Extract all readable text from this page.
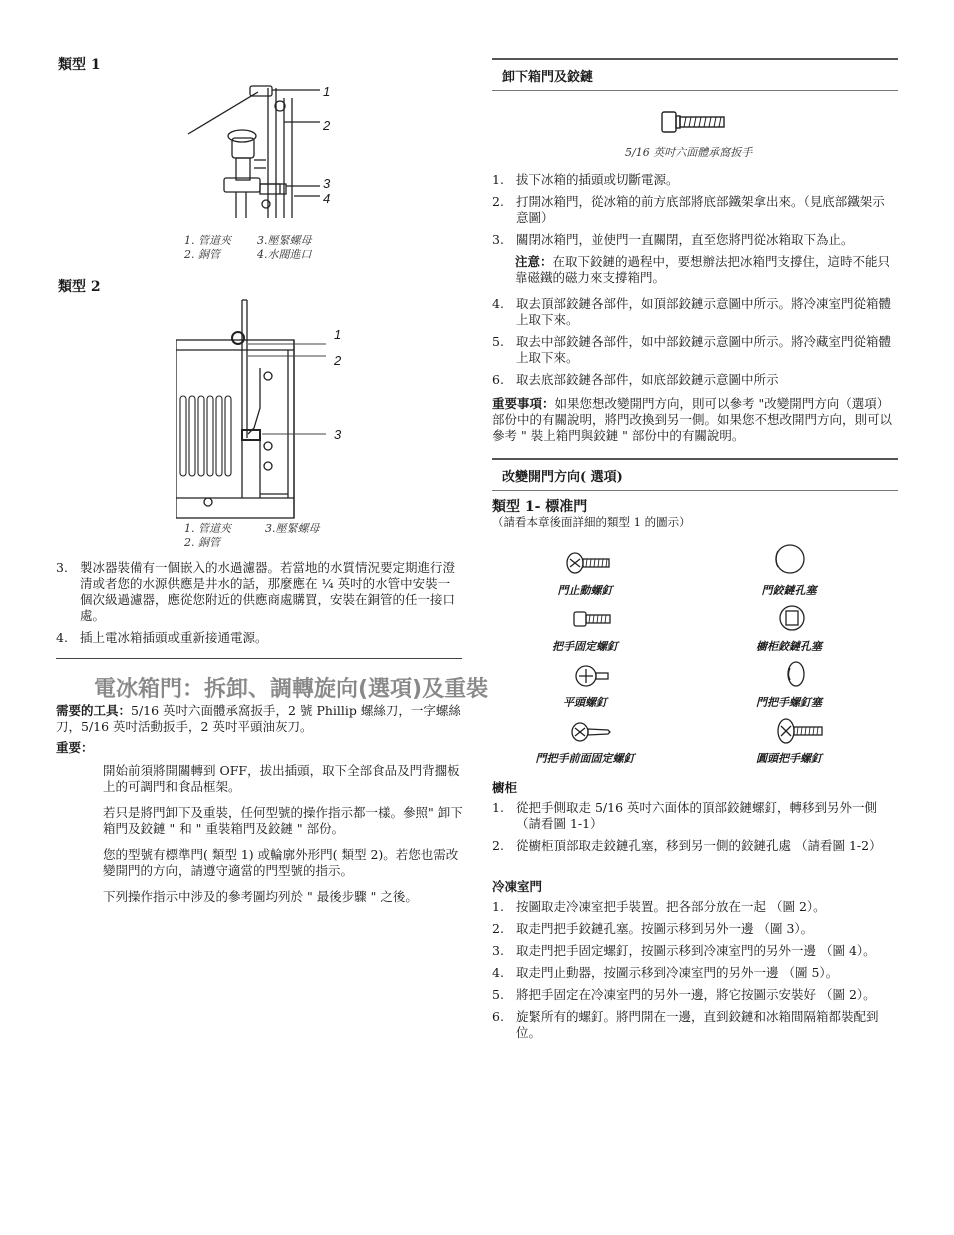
類型 1
1
2
3
4
1. 管道夾
2. 銅管
3.壓緊螺母
4.水閥進口
類型 2
1
2
3
1. 管道夾
2. 銅管
3.壓緊螺母
3. 製冰器裝備有一個嵌入的水過濾器。若當地的水質情況要定期進行澄清或者您的水源供應是井水的話，那麼應在 ¼ 英吋的水管中安裝一個次級過濾器，應從您附近的供應商處購買，安裝在銅管的任一接口處。
4. 插上電冰箱插頭或重新接通電源。
電冰箱門：拆卸、調轉旋向(選項)及重裝
需要的工具：5/16 英吋六面體承窩扳手，2 號 Phillip 螺絲刀，一字螺絲刀，5/16 英吋活動扳手，2 英吋平頭油灰刀。
重要：

開始前須將開關轉到 OFF，拔出插頭，取下全部食品及門背擱板上的可調門和食品框架。

若只是將門卸下及重裝，任何型號的操作指示都一樣。參照" 卸下箱門及鉸鏈 " 和 " 重裝箱門及鉸鏈 " 部份。

您的型號有標準門( 類型 1) 或輪廓外形門( 類型 2)。若您也需改變開門的方向，請遵守適當的門型號的指示。

下列操作指示中涉及的參考圖均列於 " 最後步驟 " 之後。

卸下箱門及鉸鏈
5/16 英吋六面體承窩扳手
1. 拔下冰箱的插頭或切斷電源。
2. 打開冰箱門，從冰箱的前方底部將底部鐵架拿出來。（見底部鐵架示意圖）
3. 關閉冰箱門，並使門一直關閉，直至您將門從冰箱取下為止。
注意：在取下鉸鏈的過程中，要想辦法把冰箱門支撐住，這時不能只靠磁鐵的磁力來支撐箱門。
4. 取去頂部鉸鏈各部件，如頂部鉸鏈示意圖中所示。將冷凍室門從箱體上取下來。
5. 取去中部鉸鏈各部件，如中部鉸鏈示意圖中所示。將冷藏室門從箱體上取下來。
6. 取去底部鉸鏈各部件，如底部鉸鏈示意圖中所示
重要事項：如果您想改變開門方向，則可以參考 "改變開門方向（選項）部份中的有關說明，將門改換到另一側。如果您不想改開門方向，則可以參考 " 裝上箱門與鉸鏈 " 部份中的有關說明。
改變開門方向( 選項)
類型 1- 標准門
（請看本章後面詳細的類型 1 的圖示）
門止動螺釘	門鉸鏈孔塞
把手固定螺釘	櫥柜鉸鏈孔塞
平頭螺釘	門把手螺釘塞
門把手前面固定螺釘	圓頭把手螺釘
櫥柜
1. 從把手側取走 5/16 英吋六面体的頂部鉸鏈螺釘，轉移到另外一側 （請看圖 1-1）
2. 從櫥柜頂部取走鉸鏈孔塞，移到另一側的鉸鏈孔處 （請看圖 1-2）
冷凍室門
1. 按圖取走冷凍室把手裝置。把各部分放在一起 （圖 2）。
2. 取走門把手鉸鏈孔塞。按圖示移到另外一邊 （圖 3）。
3. 取走門把手固定螺釘，按圖示移到冷凍室門的另外一邊 （圖 4）。
4. 取走門止動器，按圖示移到冷凍室門的另外一邊 （圖 5）。
5. 將把手固定在冷凍室門的另外一邊，將它按圖示安裝好 （圖 2）。
6. 旋緊所有的螺釘。將門開在一邊，直到鉸鏈和冰箱間隔箱都裝配到位。
